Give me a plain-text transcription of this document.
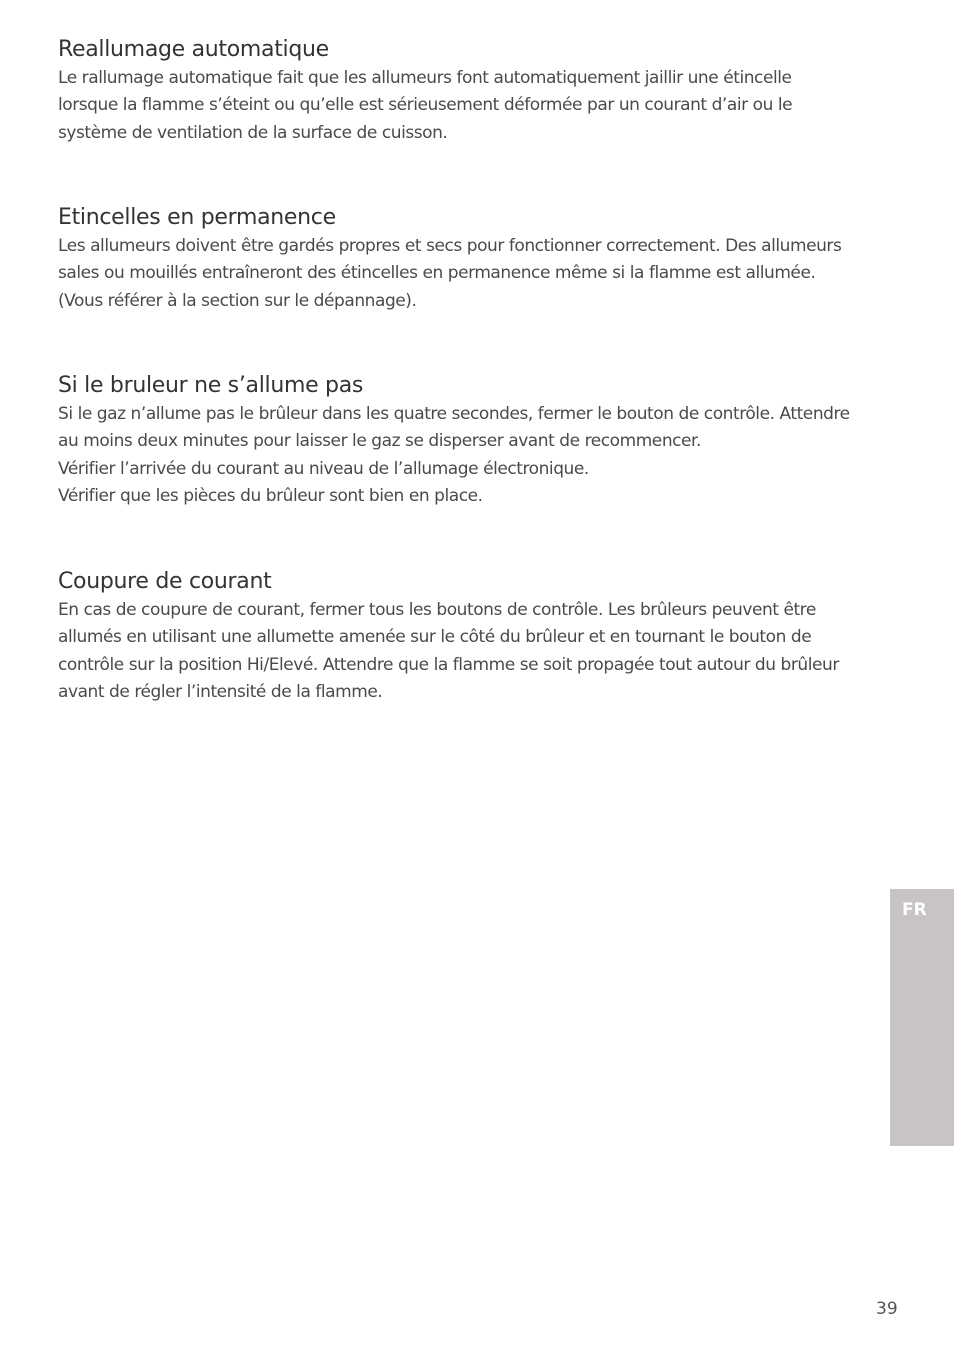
Reallumage automatique
Le rallumage automatique fait que les allumeurs font automatiquement jaillir une étincelle
lorsque la flamme s’éteint ou qu’elle est sérieusement déformée par un courant d’air ou le
système de ventilation de la surface de cuisson.
Etincelles en permanence
Les allumeurs doivent être gardés propres et secs pour fonctionner correctement. Des allumeurs
sales ou mouillés entraîneront des étincelles en permanence même si la flamme est allumée.
(Vous référer à la section sur le dépannage).
Si le bruleur ne s’allume pas
Si le gaz n’allume pas le brûleur dans les quatre secondes, fermer le bouton de contrôle. Attendre
au moins deux minutes pour laisser le gaz se disperser avant de recommencer.
Vérifier l’arrivée du courant au niveau de l’allumage électronique.
Vérifier que les pièces du brûleur sont bien en place.
Coupure de courant
En cas de coupure de courant, fermer tous les boutons de contrôle. Les brûleurs peuvent être
allumés en utilisant une allumette amenée sur le côté du brûleur et en tournant le bouton de
contrôle sur la position Hi/Elevé. Attendre que la flamme se soit propagée tout autour du brûleur
avant de régler l’intensité de la flamme.
FR
39
